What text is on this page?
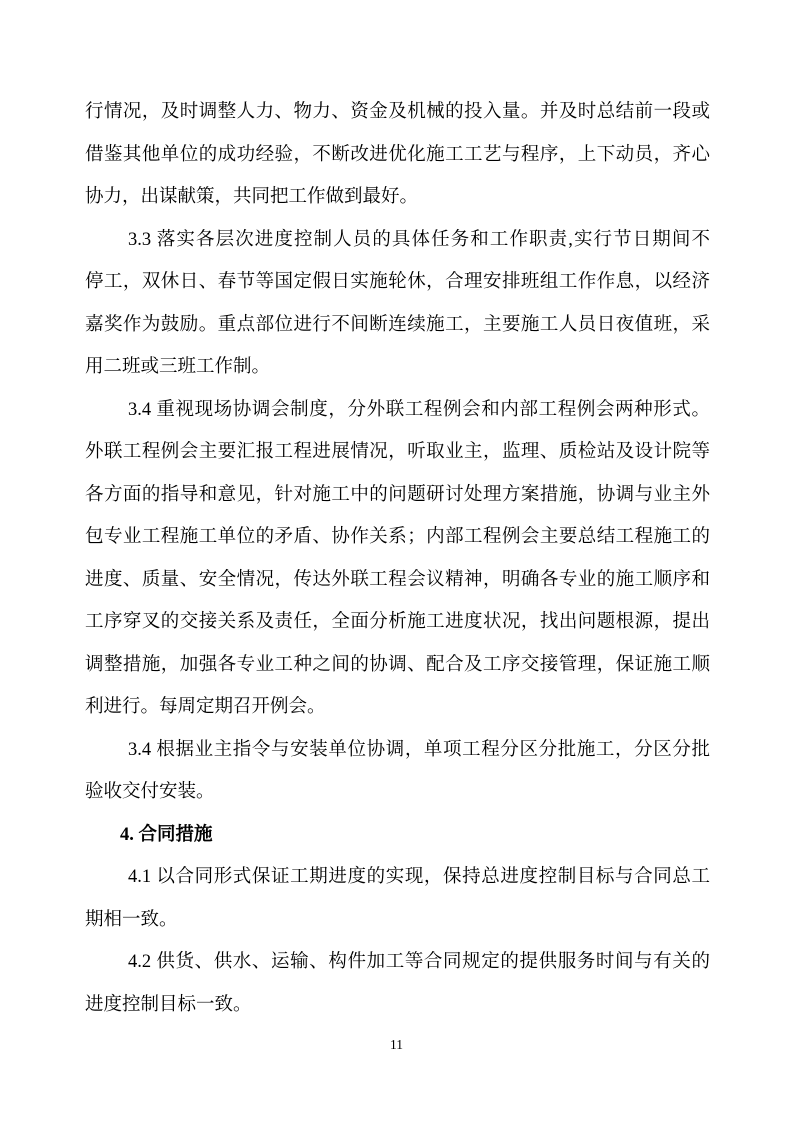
行情况，及时调整人力、物力、资金及机械的投入量。并及时总结前一段或
借鉴其他单位的成功经验，不断改进优化施工工艺与程序，上下动员，齐心
协力，出谋献策，共同把工作做到最好。
3.3 落实各层次进度控制人员的具体任务和工作职责,实行节日期间不
停工，双休日、春节等国定假日实施轮休，合理安排班组工作作息，以经济
嘉奖作为鼓励。重点部位进行不间断连续施工，主要施工人员日夜值班，采
用二班或三班工作制。
3.4 重视现场协调会制度，分外联工程例会和内部工程例会两种形式。
外联工程例会主要汇报工程进展情况，听取业主，监理、质检站及设计院等
各方面的指导和意见，针对施工中的问题研讨处理方案措施，协调与业主外
包专业工程施工单位的矛盾、协作关系；内部工程例会主要总结工程施工的
进度、质量、安全情况，传达外联工程会议精神，明确各专业的施工顺序和
工序穿叉的交接关系及责任，全面分析施工进度状况，找出问题根源，提出
调整措施，加强各专业工种之间的协调、配合及工序交接管理，保证施工顺
利进行。每周定期召开例会。
3.4 根据业主指令与安装单位协调，单项工程分区分批施工，分区分批
验收交付安装。
4. 合同措施
4.1 以合同形式保证工期进度的实现，保持总进度控制目标与合同总工
期相一致。
4.2 供货、供水、运输、构件加工等合同规定的提供服务时间与有关的
进度控制目标一致。
11
